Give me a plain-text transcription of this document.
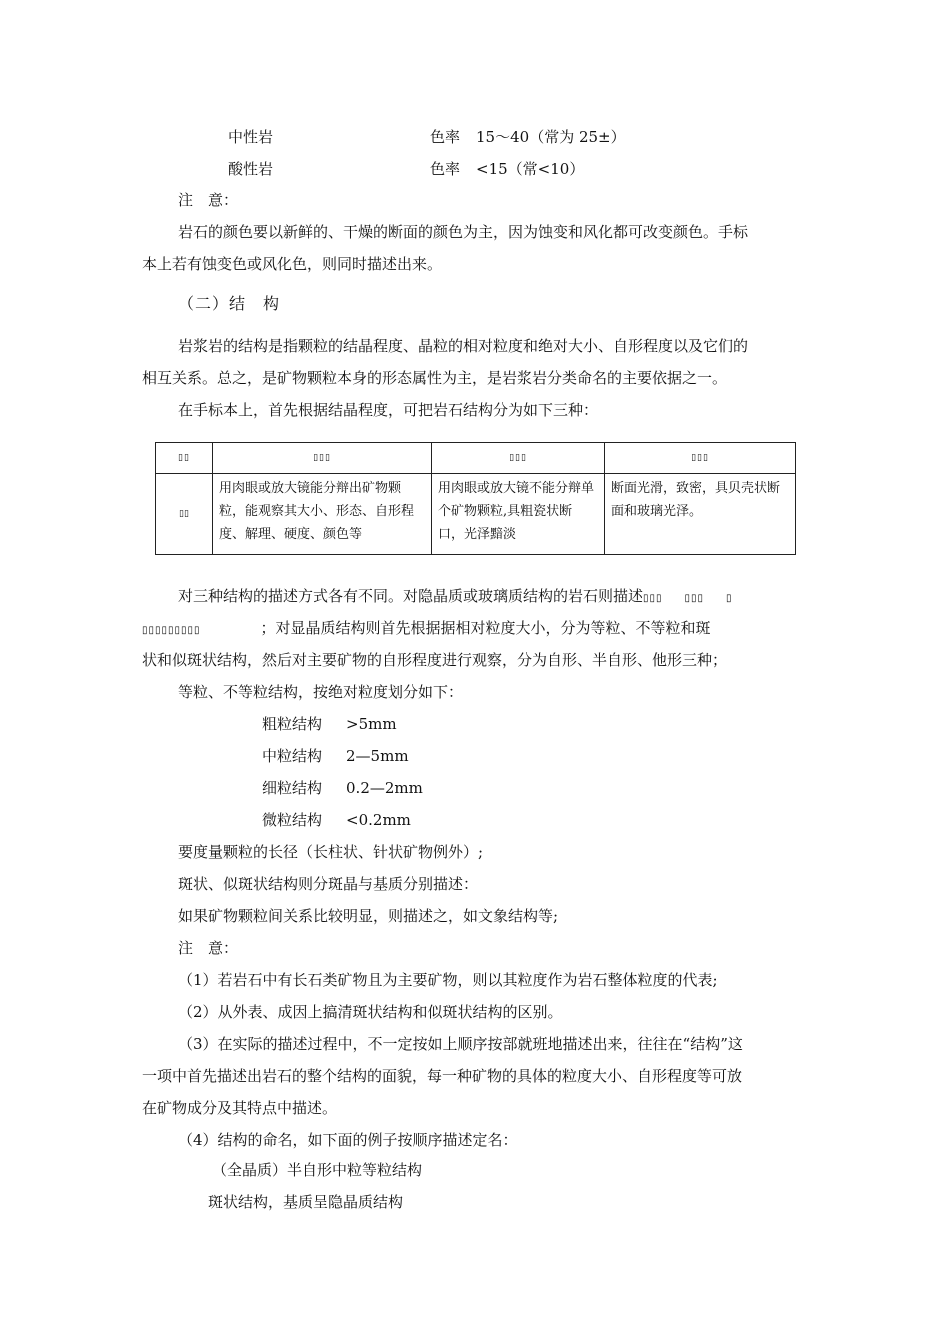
中性岩	色率 15～40（常为 25±）
酸性岩	色率 <15（常<10）
注　意：
岩石的颜色要以新鲜的、干燥的断面的颜色为主，因为蚀变和风化都可改变颜色。手标
本上若有蚀变色或风化色，则同时描述出来。
（二）结　构
岩浆岩的结构是指颗粒的结晶程度、晶粒的相对粒度和绝对大小、自形程度以及它们的
相互关系。总之，是矿物颗粒本身的形态属性为主，是岩浆岩分类命名的主要依据之一。
在手标本上，首先根据结晶程度，可把岩石结构分为如下三种：
▯▯	▯▯▯	▯▯▯	▯▯▯
▯▯	用肉眼或放大镜能分辩出矿物颗粒，能观察其大小、形态、自形程度、解理、硬度、颜色等	用肉眼或放大镜不能分辩单个矿物颗粒,具粗瓷状断口，光泽黯淡	断面光滑，致密，具贝壳状断面和玻璃光泽。
对三种结构的描述方式各有不同。对隐晶质或玻璃质结构的岩石则描述▯▯▯　　▯▯▯　　▯
▯▯▯▯▯▯▯▯▯	；对显晶质结构则首先根据据相对粒度大小，分为等粒、不等粒和斑
状和似斑状结构，然后对主要矿物的自形程度进行观察，分为自形、半自形、他形三种；
等粒、不等粒结构，按绝对粒度划分如下：
粗粒结构 >5mm
中粒结构 2—5mm
细粒结构 0.2—2mm
微粒结构 <0.2mm
要度量颗粒的长径（长柱状、针状矿物例外）;
斑状、似斑状结构则分斑晶与基质分别描述：
如果矿物颗粒间关系比较明显，则描述之，如文象结构等;
注　意：
（1）若岩石中有长石类矿物且为主要矿物，则以其粒度作为岩石整体粒度的代表;
（2）从外表、成因上搞清斑状结构和似斑状结构的区别。
（3）在实际的描述过程中，不一定按如上顺序按部就班地描述出来，往往在“结构”这
一项中首先描述出岩石的整个结构的面貌，每一种矿物的具体的粒度大小、自形程度等可放
在矿物成分及其特点中描述。
（4）结构的命名，如下面的例子按顺序描述定名：
（全晶质）半自形中粒等粒结构
斑状结构，基质呈隐晶质结构
